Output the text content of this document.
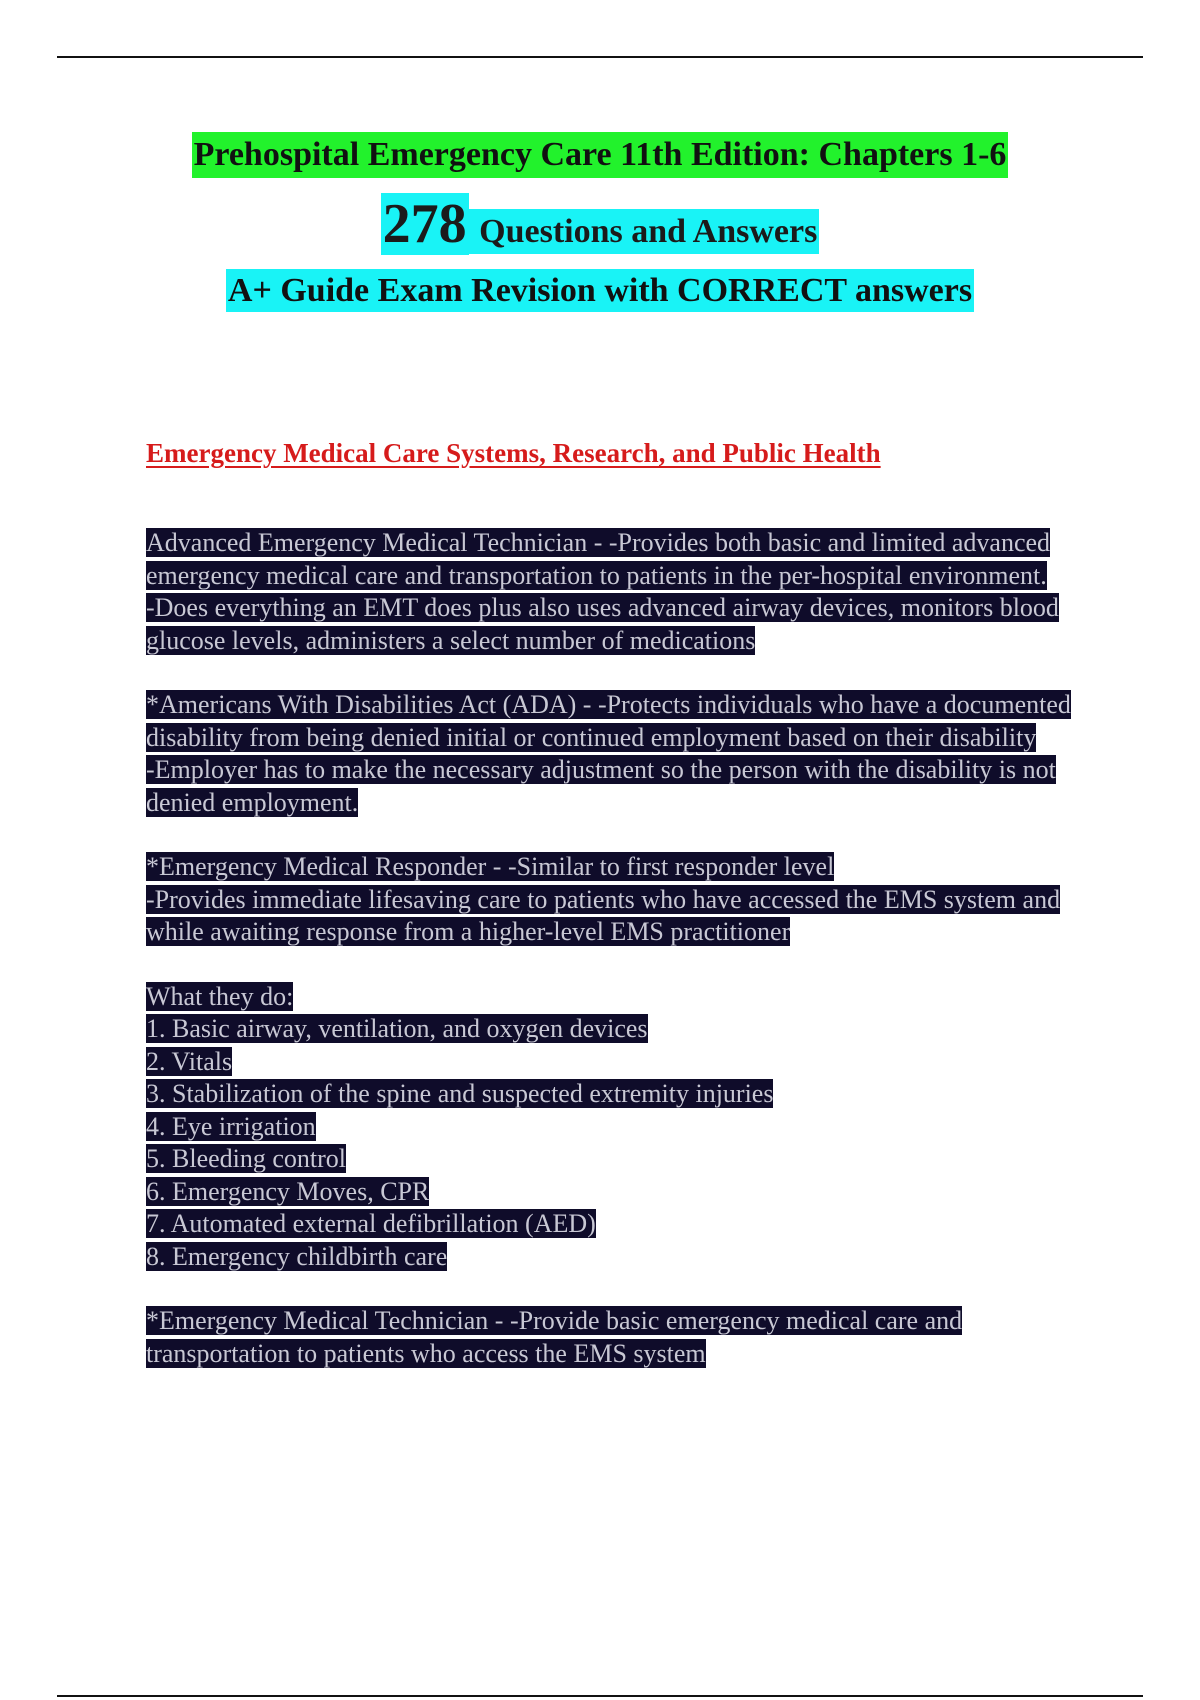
Prehospital Emergency Care 11th Edition: Chapters 1-6
278 Questions and Answers
A+ Guide Exam Revision with CORRECT answers
Emergency Medical Care Systems, Research, and Public Health

Advanced Emergency Medical Technician - -Provides both basic and limited advanced emergency medical care and transportation to patients in the per-hospital environment.

-Does everything an EMT does plus also uses advanced airway devices, monitors blood glucose levels, administers a select number of medications

*Americans With Disabilities Act (ADA) - -Protects individuals who have a documented disability from being denied initial or continued employment based on their disability

-Employer has to make the necessary adjustment so the person with the disability is not denied employment.

*Emergency Medical Responder - -Similar to first responder level

-Provides immediate lifesaving care to patients who have accessed the EMS system and while awaiting response from a higher-level EMS practitioner

What they do:

1. Basic airway, ventilation, and oxygen devices

2. Vitals

3. Stabilization of the spine and suspected extremity injuries

4. Eye irrigation

5. Bleeding control

6. Emergency Moves, CPR

7. Automated external defibrillation (AED)

8. Emergency childbirth care

*Emergency Medical Technician - -Provide basic emergency medical care and transportation to patients who access the EMS system
